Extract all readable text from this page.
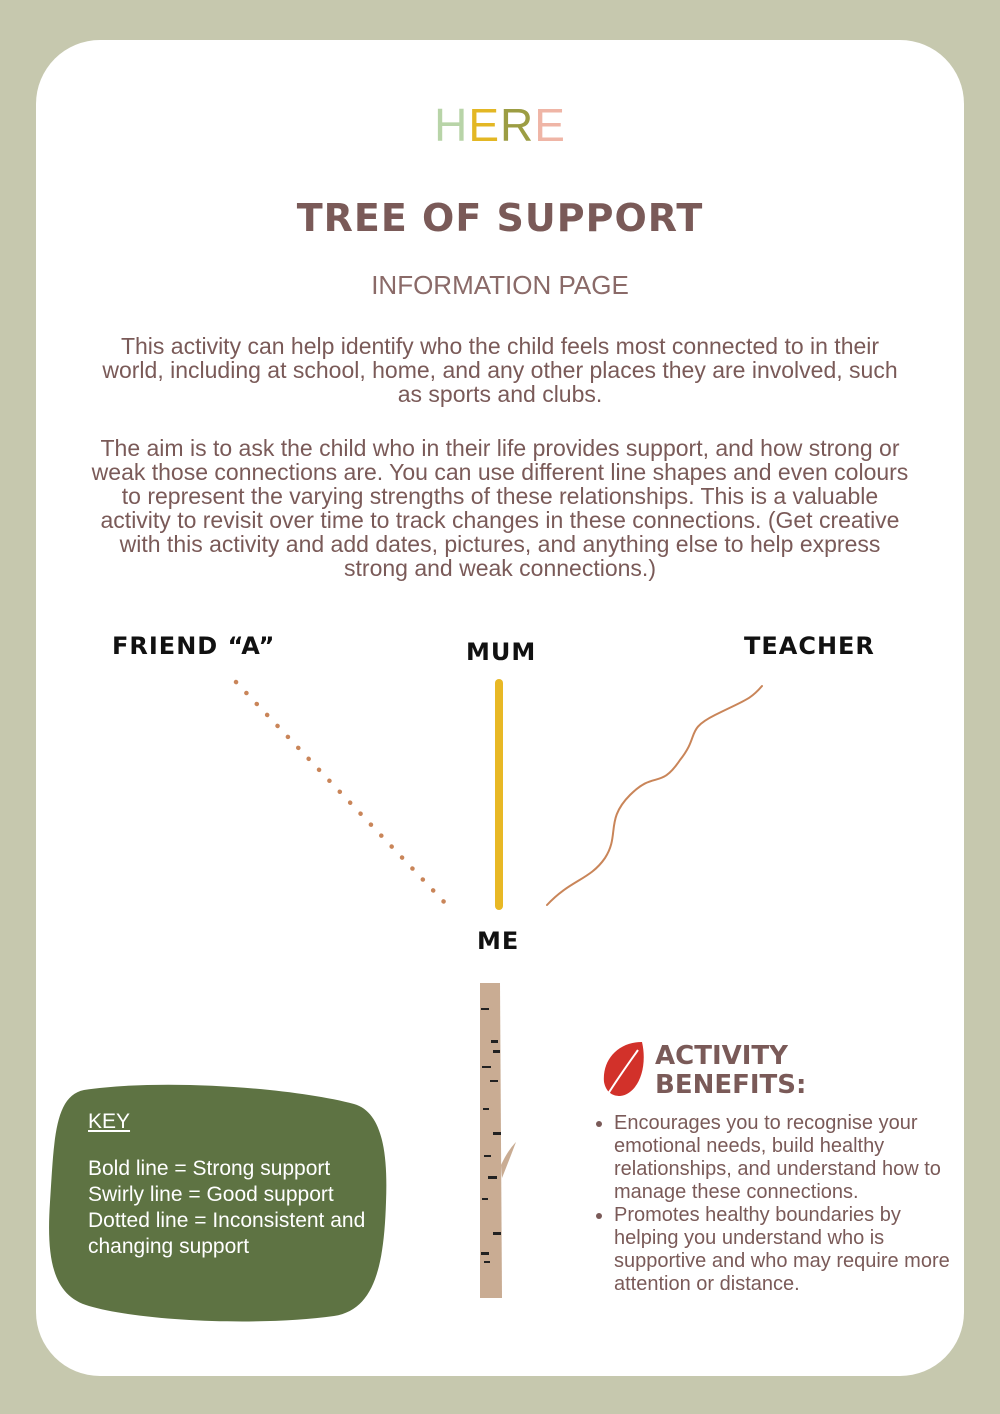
HERE
TREE OF SUPPORT
INFORMATION PAGE

This activity can help identify who the child feels most connected to in their world, including at school, home, and any other places they are involved, such as sports and clubs.

The aim is to ask the child who in their life provides support, and how strong or weak those connections are. You can use different line shapes and even colours to represent the varying strengths of these relationships. This is a valuable activity to revisit over time to track changes in these connections. (Get creative with this activity and add dates, pictures, and anything else to help express strong and weak connections.)

FRIEND “A”	MUM	TEACHER
ME
KEY
Bold line = Strong support
Swirly line = Good support
Dotted line = Inconsistent and changing support
ACTIVITY
BENEFITS:
• Encourages you to recognise your emotional needs, build healthy relationships, and understand how to manage these connections.
• Promotes healthy boundaries by helping you understand who is supportive and who may require more attention or distance.
